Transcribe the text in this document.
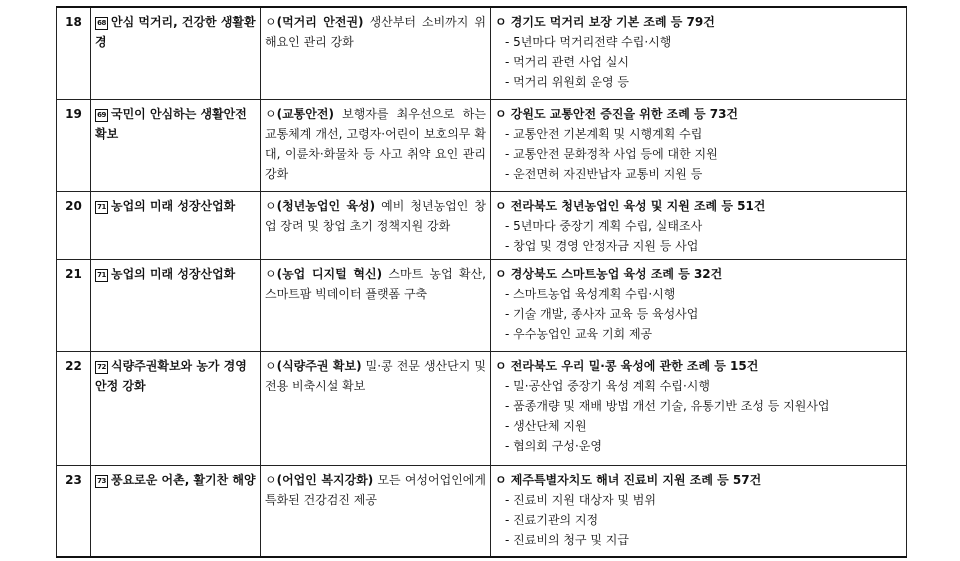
18	68 안심 먹거리, 건강한 생활환경	ㅇ(먹거리 안전권) 생산부터 소비까지 위해요인 관리 강화	ㅇ 경기도 먹거리 보장 기본 조례 등 79건
- 5년마다 먹거리전략 수립·시행
- 먹거리 관련 사업 실시
- 먹거리 위원회 운영 등

19	69 국민이 안심하는 생활안전 확보	ㅇ(교통안전) 보행자를 최우선으로 하는 교통체계 개선, 고령자·어린이 보호의무 확대, 이륜차·화물차 등 사고 취약 요인 관리 강화	ㅇ 강원도 교통안전 증진을 위한 조례 등 73건
- 교통안전 기본계획 및 시행계획 수립
- 교통안전 문화정착 사업 등에 대한 지원
- 운전면허 자진반납자 교통비 지원 등

20	71 농업의 미래 성장산업화	ㅇ(청년농업인 육성) 예비 청년농업인 창업 장려 및 창업 초기 정책지원 강화	ㅇ 전라북도 청년농업인 육성 및 지원 조례 등 51건
- 5년마다 중장기 계획 수립, 실태조사
- 창업 및 경영 안정자금 지원 등 사업

21	71 농업의 미래 성장산업화	ㅇ(농업 디지털 혁신) 스마트 농업 확산, 스마트팜 빅데이터 플랫폼 구축	ㅇ 경상북도 스마트농업 육성 조례 등 32건
- 스마트농업 육성계획 수립·시행
- 기술 개발, 종사자 교육 등 육성사업
- 우수농업인 교육 기회 제공

22	72 식량주권확보와 농가 경영 안정 강화	ㅇ(식량주권 확보) 밀·콩 전문 생산단지 및 전용 비축시설 확보	ㅇ 전라북도 우리 밀·콩 육성에 관한 조례 등 15건
- 밀·공산업 중장기 육성 계획 수립·시행
- 품종개량 및 재배 방법 개선 기술, 유통기반 조성 등 지원사업
- 생산단체 지원
- 협의회 구성·운영

23	73 풍요로운 어촌, 활기찬 해양	ㅇ(어업인 복지강화) 모든 여성어업인에게 특화된 건강검진 제공	ㅇ 제주특별자치도 해녀 진료비 지원 조례 등 57건
- 진료비 지원 대상자 및 범위
- 진료기관의 지정
- 진료비의 청구 및 지급
